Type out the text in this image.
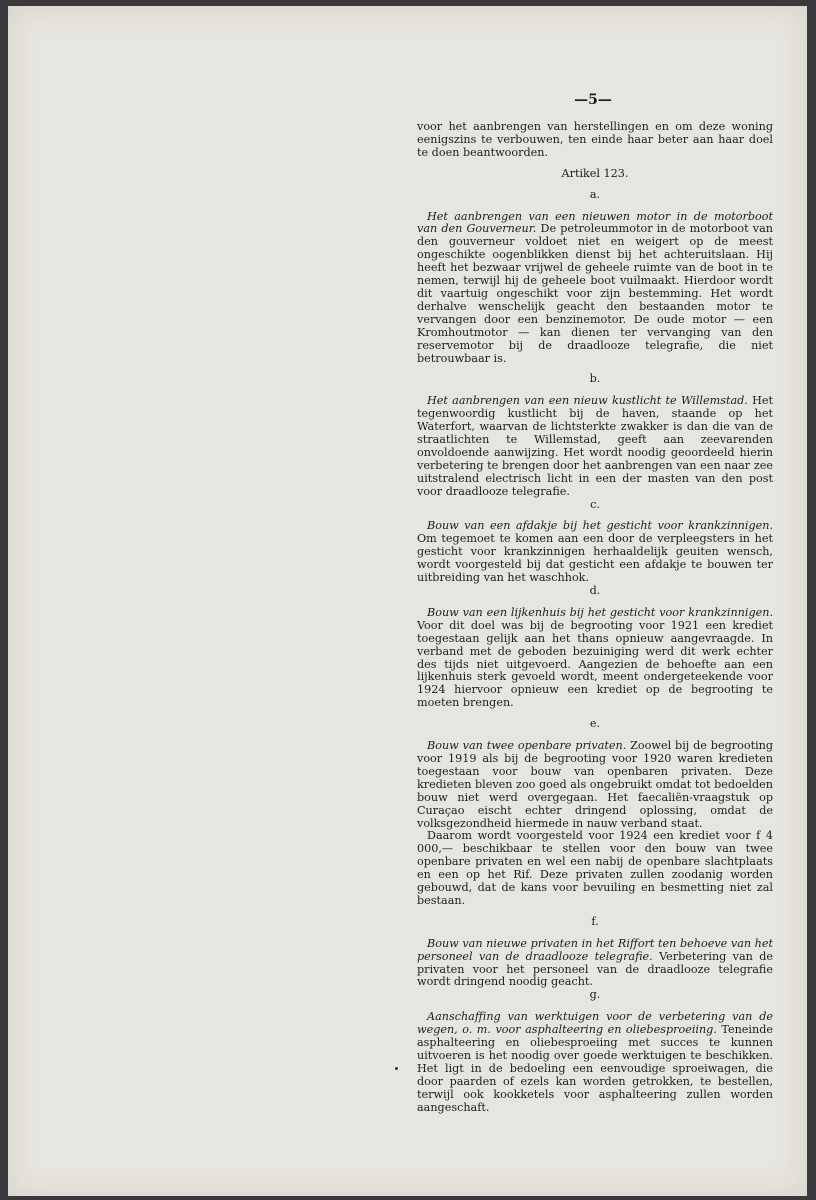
—5—

voor het aanbrengen van herstellingen en om deze woning eenigszins te verbouwen, ten einde haar beter aan haar doel te doen beantwoorden.

Artikel 123.

a.

Het aanbrengen van een nieuwen motor in de motorboot van den Gouverneur. De petroleummotor in de motorboot van den gouverneur voldoet niet en weigert op de meest ongeschikte oogenblikken dienst bij het achteruitslaan. Hij heeft het bezwaar vrijwel de geheele ruimte van de boot in te nemen, terwijl hij de geheele boot vuilmaakt. Hierdoor wordt dit vaartuig ongeschikt voor zijn bestemming. Het wordt derhalve wenschelijk geacht den bestaanden motor te vervangen door een benzinemotor. De oude motor — een Kromhoutmotor — kan dienen ter vervanging van den reservemotor bij de draadlooze telegrafie, die niet betrouwbaar is.

b.

Het aanbrengen van een nieuw kustlicht te Willemstad. Het tegenwoordig kustlicht bij de haven, staande op het Waterfort, waarvan de lichtsterkte zwakker is dan die van de straatlichten te Willemstad, geeft aan zeevarenden onvoldoende aanwijzing. Het wordt noodig geoordeeld hierin verbetering te brengen door het aanbrengen van een naar zee uitstralend electrisch licht in een der masten van den post voor draadlooze telegrafie.

c.

Bouw van een afdakje bij het gesticht voor krankzinnigen. Om tegemoet te komen aan een door de verpleegsters in het gesticht voor krankzinnigen herhaaldelijk geuiten wensch, wordt voorgesteld bij dat gesticht een afdakje te bouwen ter uitbreiding van het waschhok.

d.

Bouw van een lijkenhuis bij het gesticht voor krankzinnigen. Voor dit doel was bij de begrooting voor 1921 een krediet toegestaan gelijk aan het thans opnieuw aangevraagde. In verband met de geboden bezuiniging werd dit werk echter des tijds niet uitgevoerd. Aangezien de behoefte aan een lijkenhuis sterk gevoeld wordt, meent ondergeteekende voor 1924 hiervoor opnieuw een krediet op de begrooting te moeten brengen.

e.

Bouw van twee openbare privaten. Zoowel bij de begrooting voor 1919 als bij de begrooting voor 1920 waren kredieten toegestaan voor bouw van openbaren privaten. Deze kredieten bleven zoo goed als ongebruikt omdat tot bedoelden bouw niet werd overgegaan. Het faecaliën-vraagstuk op Curaçao eischt echter dringend oplossing, omdat de volksgezondheid hiermede in nauw verband staat.

Daarom wordt voorgesteld voor 1924 een krediet voor f 4 000,— beschikbaar te stellen voor den bouw van twee openbare privaten en wel een nabij de openbare slachtplaats en een op het Rif. Deze privaten zullen zoodanig worden gebouwd, dat de kans voor bevuiling en besmetting niet zal bestaan.

f.

Bouw van nieuwe privaten in het Riffort ten behoeve van het personeel van de draadlooze telegrafie. Verbetering van de privaten voor het personeel van de draadlooze telegrafie wordt dringend noodig geacht.

g.

Aanschaffing van werktuigen voor de verbetering van de wegen, o. m. voor asphalteering en oliebesproeiing. Teneinde asphalteering en oliebesproeiing met succes te kunnen uitvoeren is het noodig over goede werktuigen te beschikken. Het ligt in de bedoeling een eenvoudige sproeiwagen, die door paarden of ezels kan worden getrokken, te bestellen, terwijl ook kookketels voor asphalteering zullen worden aangeschaft.
